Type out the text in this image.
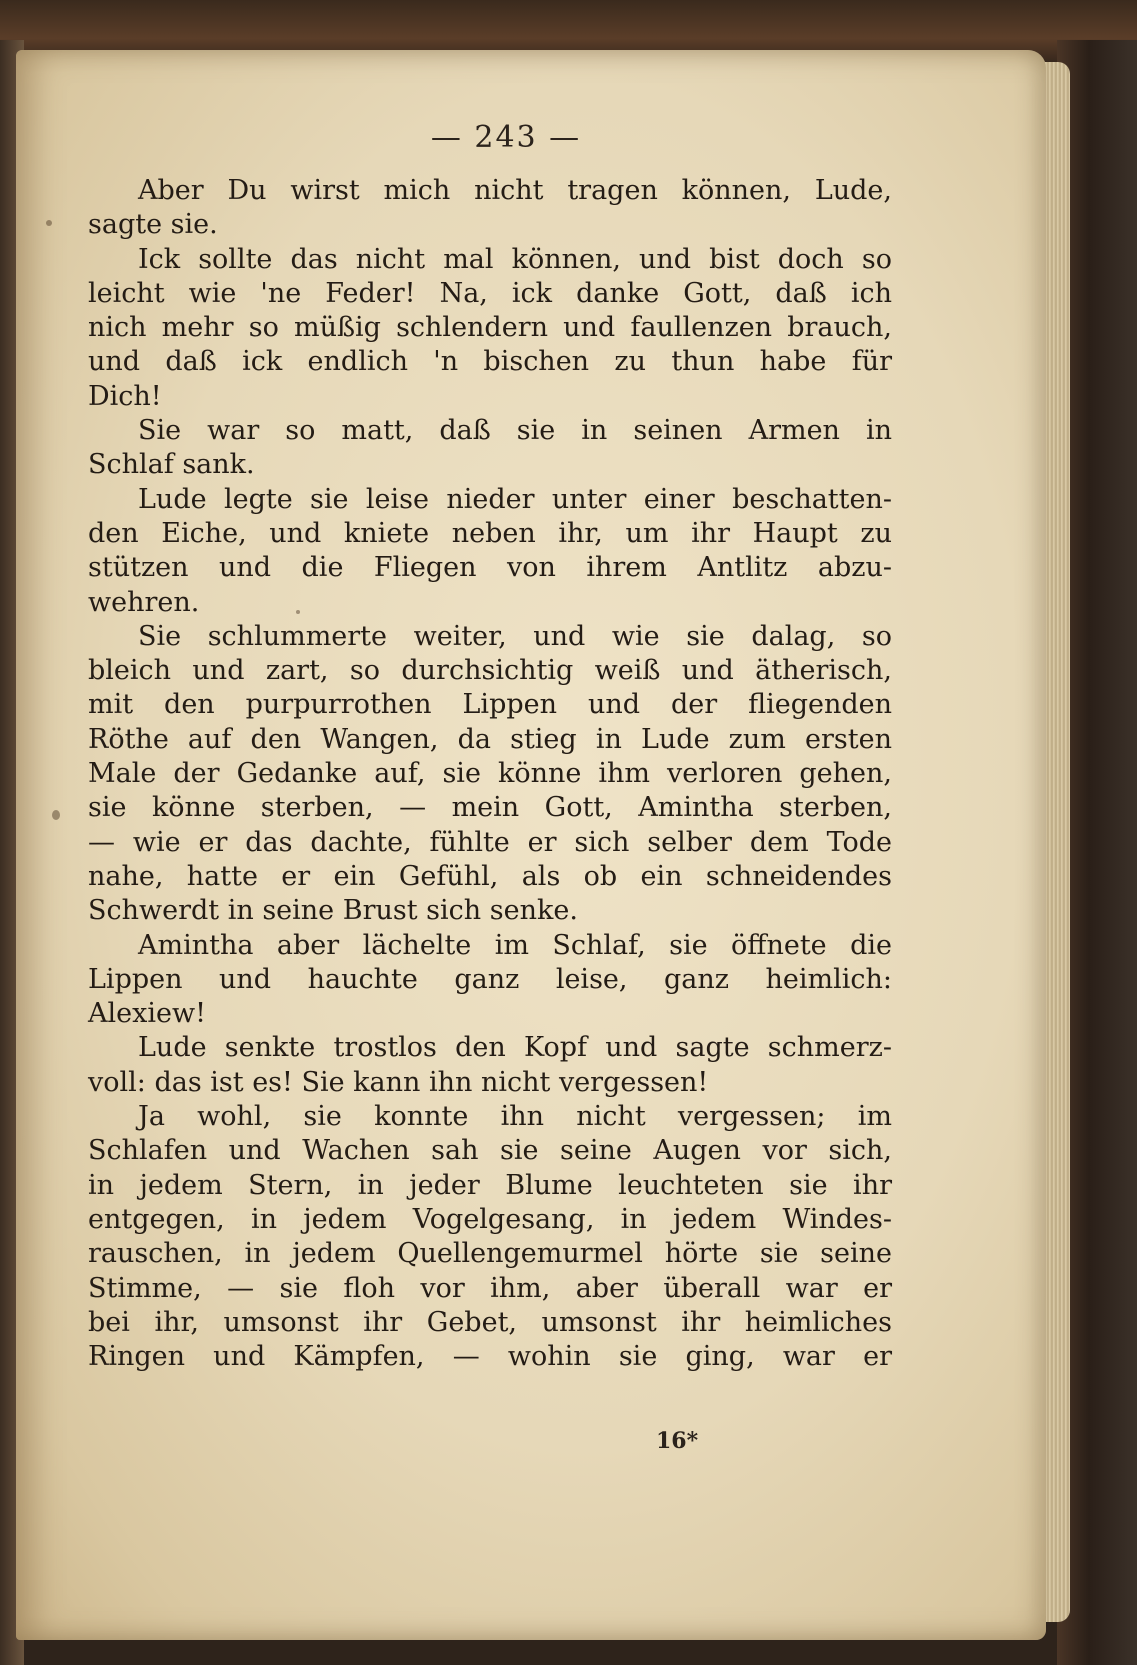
— 243 —
Aber Du wirst mich nicht tragen können, Lude,
sagte sie.
Ick sollte das nicht mal können, und bist doch so
leicht wie 'ne Feder! Na, ick danke Gott, daß ich
nich mehr so müßig schlendern und faullenzen brauch,
und daß ick endlich 'n bischen zu thun habe für
Dich!
Sie war so matt, daß sie in seinen Armen in
Schlaf sank.
Lude legte sie leise nieder unter einer beschatten-
den Eiche, und kniete neben ihr, um ihr Haupt zu
stützen und die Fliegen von ihrem Antlitz abzu-
wehren.
Sie schlummerte weiter, und wie sie dalag, so
bleich und zart, so durchsichtig weiß und ätherisch,
mit den purpurrothen Lippen und der fliegenden
Röthe auf den Wangen, da stieg in Lude zum ersten
Male der Gedanke auf, sie könne ihm verloren gehen,
sie könne sterben, — mein Gott, Amintha sterben,
— wie er das dachte, fühlte er sich selber dem Tode
nahe, hatte er ein Gefühl, als ob ein schneidendes
Schwerdt in seine Brust sich senke.
Amintha aber lächelte im Schlaf, sie öffnete die
Lippen und hauchte ganz leise, ganz heimlich:
Alexiew!
Lude senkte trostlos den Kopf und sagte schmerz-
voll: das ist es! Sie kann ihn nicht vergessen!
Ja wohl, sie konnte ihn nicht vergessen; im
Schlafen und Wachen sah sie seine Augen vor sich,
in jedem Stern, in jeder Blume leuchteten sie ihr
entgegen, in jedem Vogelgesang, in jedem Windes-
rauschen, in jedem Quellengemurmel hörte sie seine
Stimme, — sie floh vor ihm, aber überall war er
bei ihr, umsonst ihr Gebet, umsonst ihr heimliches
Ringen und Kämpfen, — wohin sie ging, war er
16*
